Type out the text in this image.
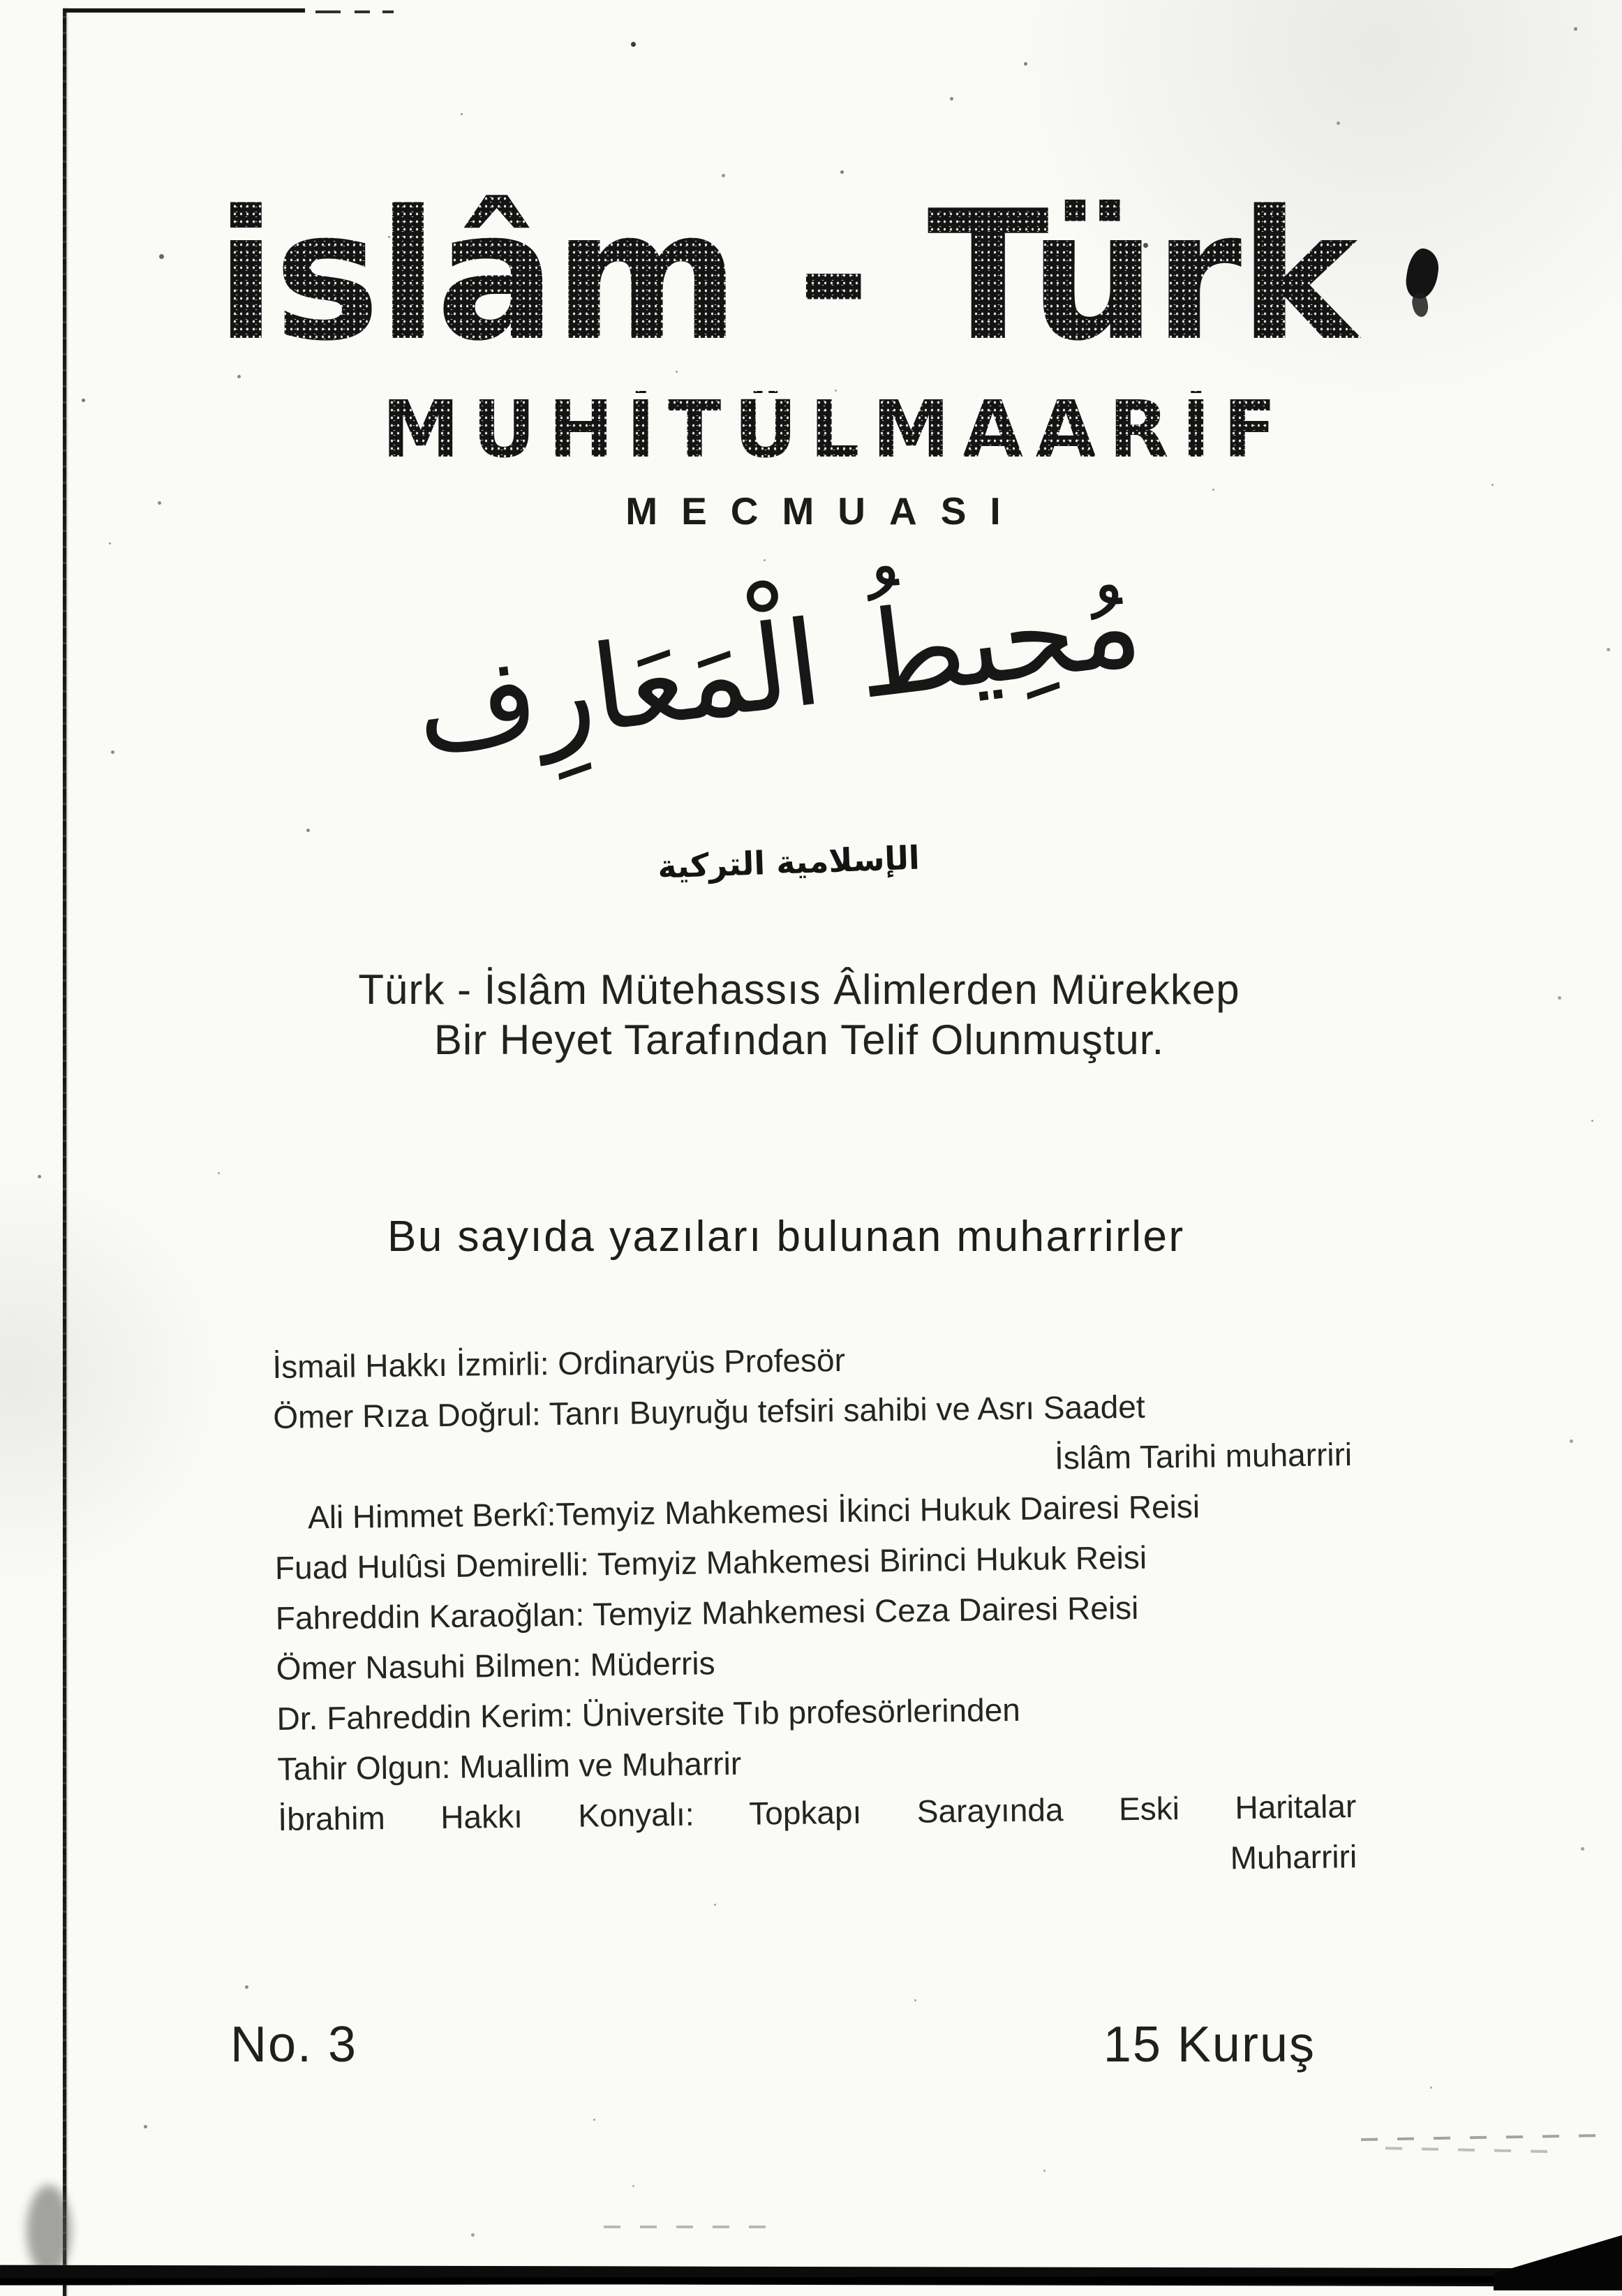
islâm - Türk
MUHİTÜLMAARİF
MECMUASI
مُحِيطُ الْمَعَارِف
الإسلامية التركية
Türk - İslâm Mütehassıs Âlimlerden Mürekkep
Bir Heyet Tarafından Telif Olunmuştur.
Bu sayıda yazıları bulunan muharrirler
İsmail Hakkı İzmirli: Ordinaryüs Profesör
Ömer Rıza Doğrul: Tanrı Buyruğu tefsiri sahibi ve Asrı Saadet
İslâm Tarihi muharriri
Ali Himmet Berkî:Temyiz Mahkemesi İkinci Hukuk Dairesi Reisi
Fuad Hulûsi Demirelli: Temyiz Mahkemesi Birinci Hukuk Reisi
Fahreddin Karaoğlan: Temyiz Mahkemesi Ceza Dairesi Reisi
Ömer Nasuhi Bilmen: Müderris
Dr. Fahreddin Kerim: Üniversite Tıb profesörlerinden
Tahir Olgun: Muallim ve Muharrir
İbrahim Hakkı Konyalı: Topkapı Sarayında Eski Haritalar
Muharriri
No. 3	15 Kuruş
